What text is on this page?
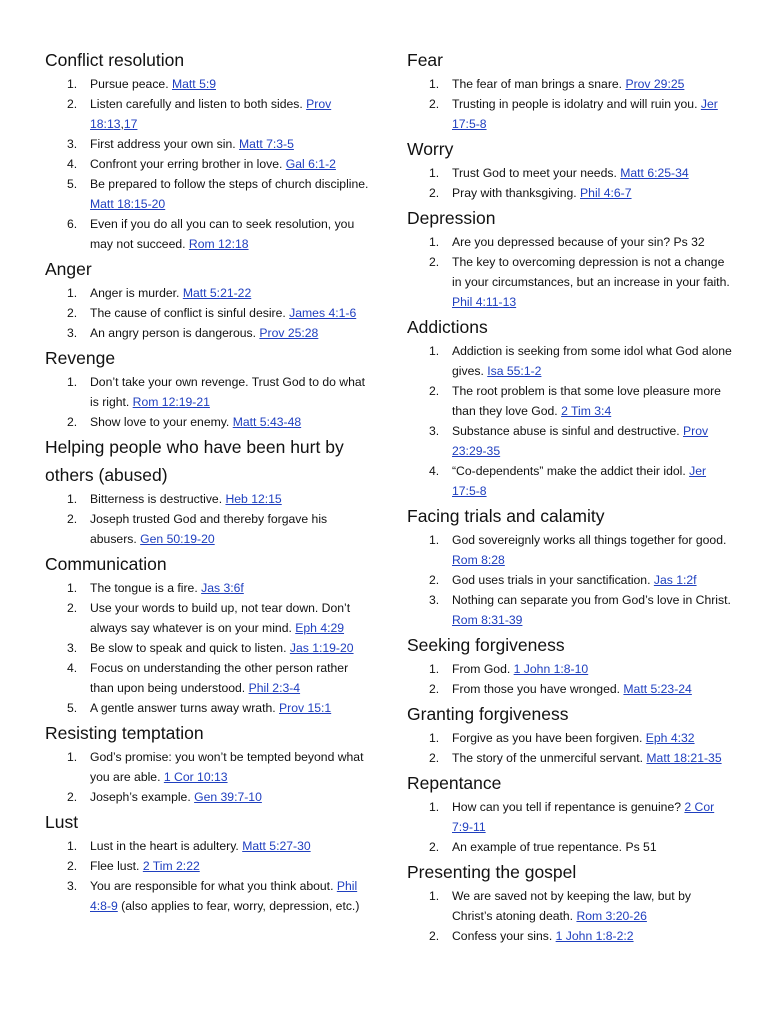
Conflict resolution
1. Pursue peace. Matt 5:9
2. Listen carefully and listen to both sides. Prov 18:13,17
3. First address your own sin. Matt 7:3-5
4. Confront your erring brother in love. Gal 6:1-2
5. Be prepared to follow the steps of church discipline. Matt 18:15-20
6. Even if you do all you can to seek resolution, you may not succeed. Rom 12:18
Anger
1. Anger is murder. Matt 5:21-22
2. The cause of conflict is sinful desire. James 4:1-6
3. An angry person is dangerous. Prov 25:28
Revenge
1. Don’t take your own revenge. Trust God to do what is right. Rom 12:19-21
2. Show love to your enemy. Matt 5:43-48
Helping people who have been hurt by others (abused)
1. Bitterness is destructive. Heb 12:15
2. Joseph trusted God and thereby forgave his abusers. Gen 50:19-20
Communication
1. The tongue is a fire. Jas 3:6f
2. Use your words to build up, not tear down. Don’t always say whatever is on your mind. Eph 4:29
3. Be slow to speak and quick to listen. Jas 1:19-20
4. Focus on understanding the other person rather than upon being understood. Phil 2:3-4
5. A gentle answer turns away wrath. Prov 15:1
Resisting temptation
1. God’s promise: you won’t be tempted beyond what you are able. 1 Cor 10:13
2. Joseph’s example. Gen 39:7-10
Lust
1. Lust in the heart is adultery. Matt 5:27-30
2. Flee lust. 2 Tim 2:22
3. You are responsible for what you think about. Phil 4:8-9 (also applies to fear, worry, depression, etc.)
Fear
1. The fear of man brings a snare. Prov 29:25
2. Trusting in people is idolatry and will ruin you. Jer 17:5-8
Worry
1. Trust God to meet your needs. Matt 6:25-34
2. Pray with thanksgiving. Phil 4:6-7
Depression
1. Are you depressed because of your sin? Ps 32
2. The key to overcoming depression is not a change in your circumstances, but an increase in your faith. Phil 4:11-13
Addictions
1. Addiction is seeking from some idol what God alone gives. Isa 55:1-2
2. The root problem is that some love pleasure more than they love God. 2 Tim 3:4
3. Substance abuse is sinful and destructive. Prov 23:29-35
4. “Co-dependents” make the addict their idol. Jer 17:5-8
Facing trials and calamity
1. God sovereignly works all things together for good. Rom 8:28
2. God uses trials in your sanctification. Jas 1:2f
3. Nothing can separate you from God’s love in Christ. Rom 8:31-39
Seeking forgiveness
1. From God. 1 John 1:8-10
2. From those you have wronged. Matt 5:23-24
Granting forgiveness
1. Forgive as you have been forgiven. Eph 4:32
2. The story of the unmerciful servant. Matt 18:21-35
Repentance
1. How can you tell if repentance is genuine? 2 Cor 7:9-11
2. An example of true repentance. Ps 51
Presenting the gospel
1. We are saved not by keeping the law, but by Christ’s atoning death. Rom 3:20-26
2. Confess your sins. 1 John 1:8-2:2
